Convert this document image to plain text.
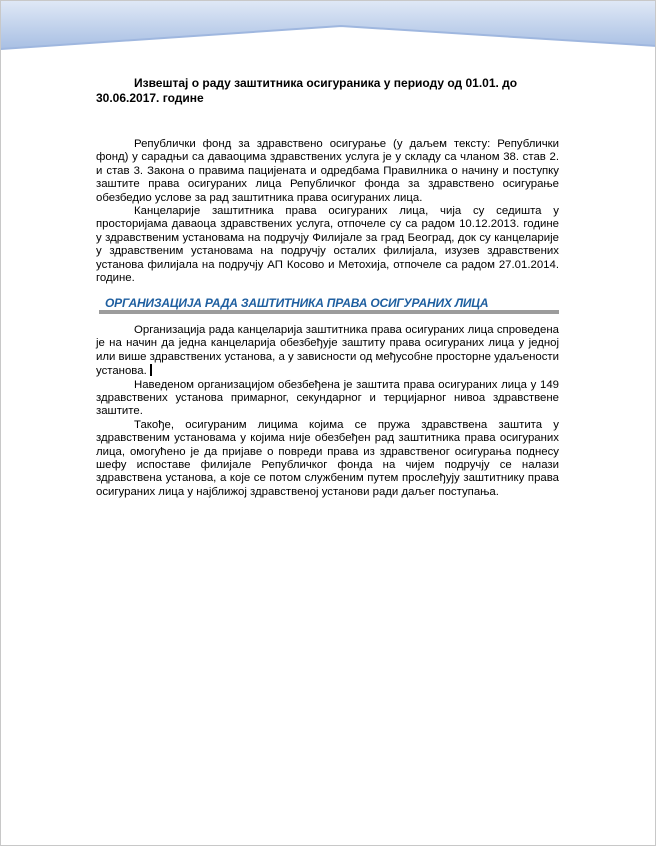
Извештај о раду заштитника осигураника у периоду од 01.01. до 30.06.2017. године

Републички фонд за здравствено осигурање (у даљем тексту: Републички фонд) у сарадњи са даваоцима здравствених услуга је у складу са чланом 38. став 2. и став 3. Закона о правима пацијената и одредбама Правилника о начину и поступку заштите права осигураних лица Републичког фонда за здравствено осигурање обезбедио услове за рад заштитника права осигураних лица.

Канцеларије заштитника права осигураних лица, чија су седишта у просторијама даваоца здравствених услуга, отпочеле су са радом 10.12.2013. године у здравственим установама на подручју Филијале за град Београд, док су канцеларије у здравственим установама на подручју осталих филијала, изузев здравствених установа филијала на подручју АП Косово и Метохија, отпочеле са радом 27.01.2014. године.

ОРГАНИЗАЦИЈА РАДА ЗАШТИТНИКА ПРАВА ОСИГУРАНИХ ЛИЦА

Организација рада канцеларија заштитника права осигураних лица спроведена је на начин да једна канцеларија обезбеђује заштиту права осигураних лица у једној или више здравствених установа, а у зависности од међусобне просторне удаљености установа.

Наведеном организацијом обезбеђена је заштита права осигураних лица у 149 здравствених установа примарног, секундарног и терцијарног нивоа здравствене заштите.

Такође, осигураним лицима којима се пружа здравствена заштита у здравственим установама у којима није обезбеђен рад заштитника права осигураних лица, омогућено је да пријаве о повреди права из здравственог осигурања поднесу шефу испоставе филијале Републичког фонда на чијем подручју се налази здравствена установа, а које се потом службеним путем прослеђују заштитнику права осигураних лица у најближој здравственој установи ради даљег поступања.
